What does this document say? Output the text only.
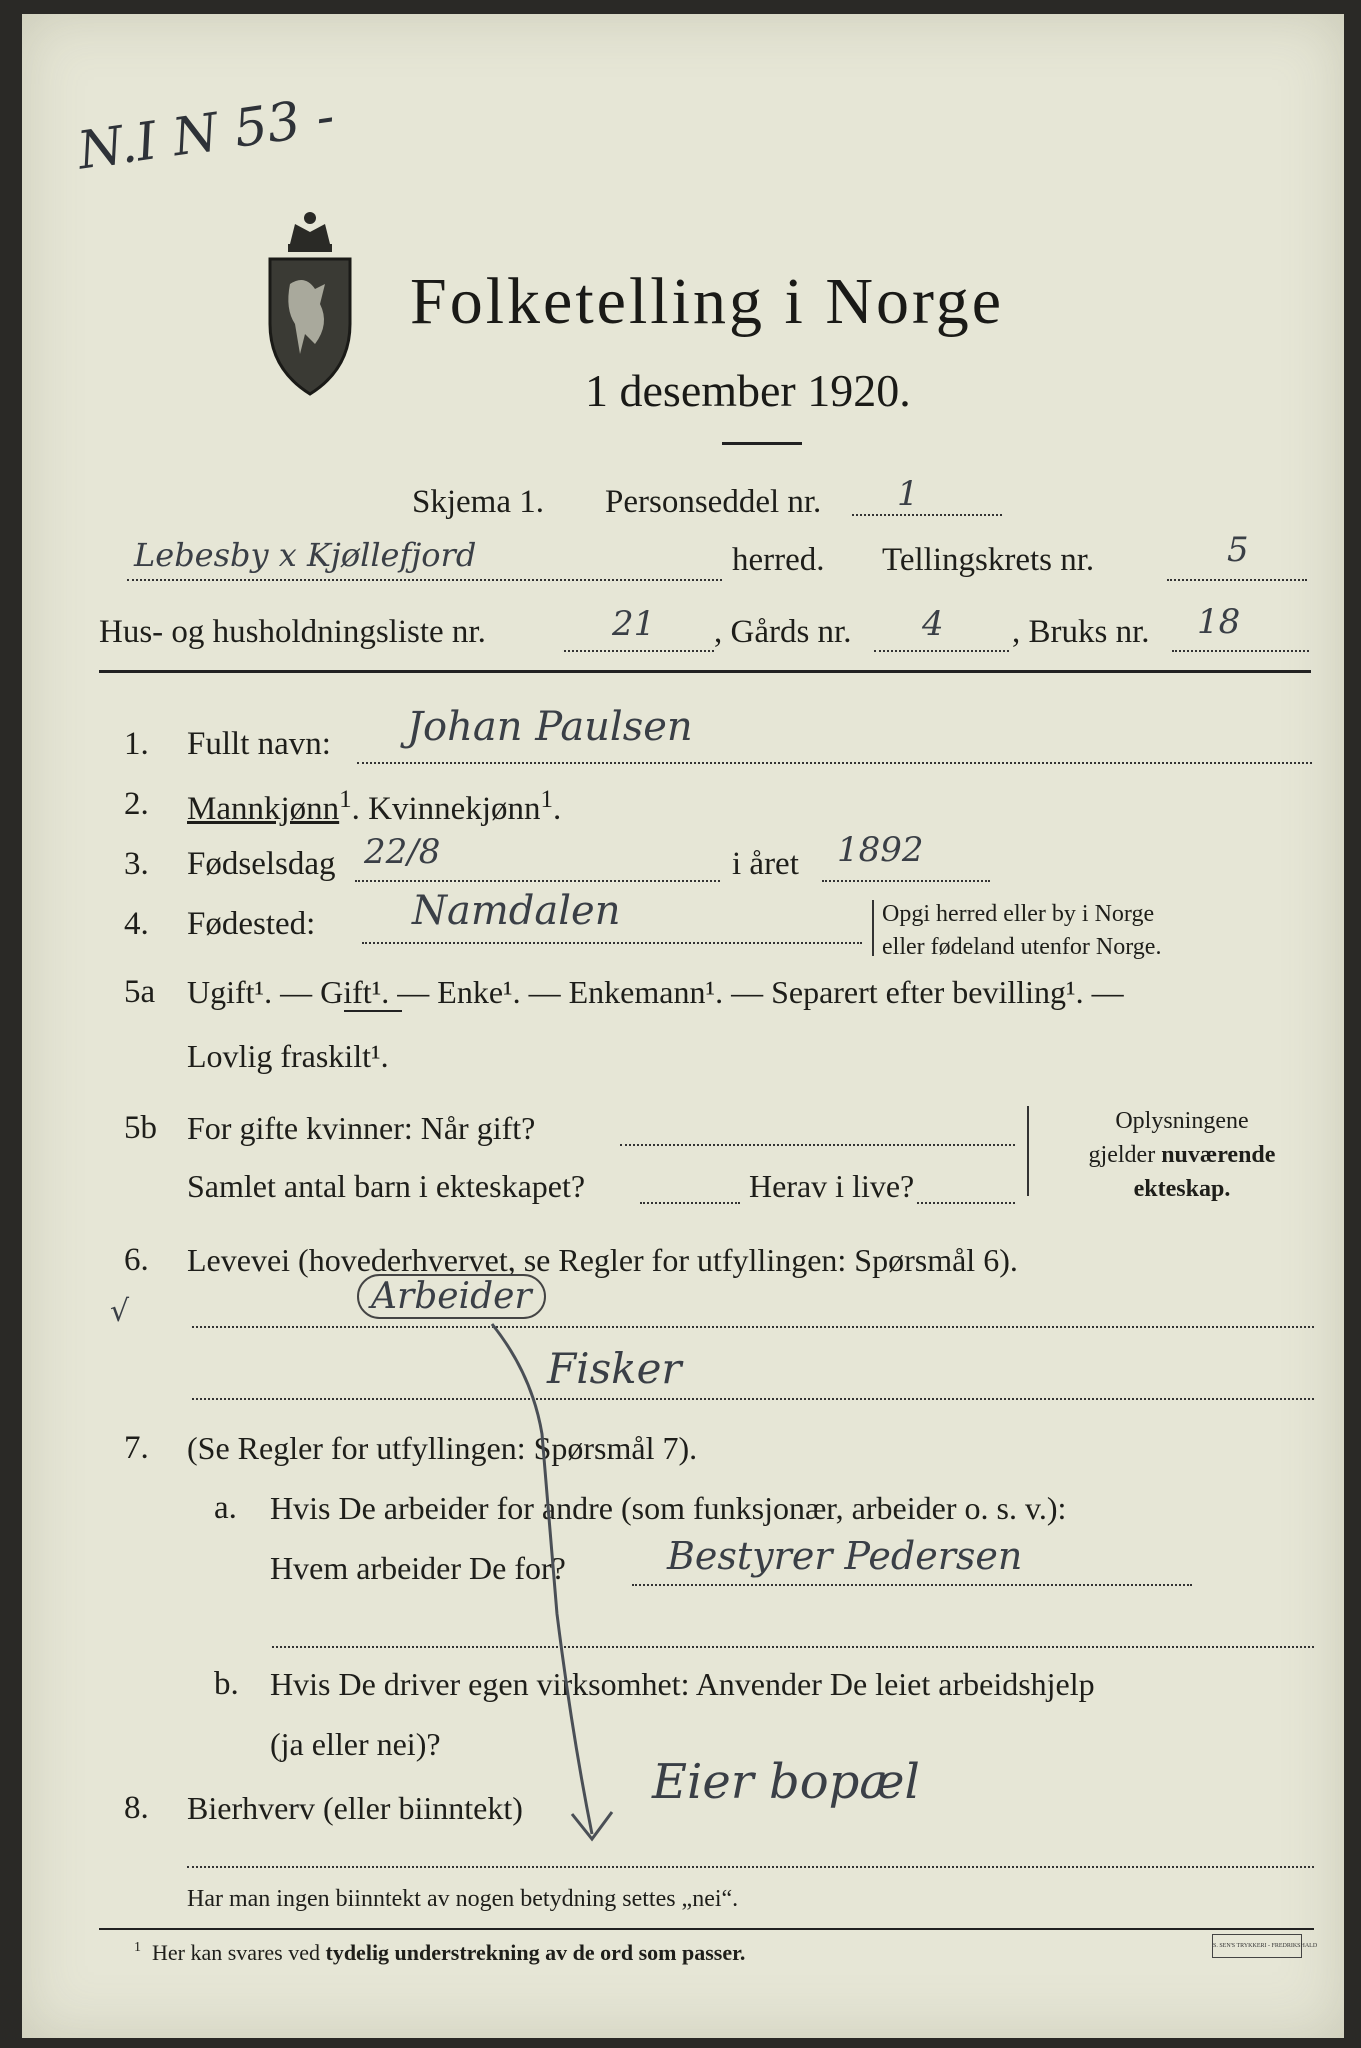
N.I N 53 -
Folketelling i Norge
1 desember 1920.
Skjema 1. Personseddel nr. 1
Lebesby x Kjøllefjord	herred. Tellingskrets nr.	5
Hus- og husholdningsliste nr.	21 , Gårds nr. 4 , Bruks nr. 18
1. Fullt navn: Johan Paulsen
2. Mannkjønn$^1$. Kvinnekjønn$^1$.
3. Fødselsdag 22/8	i året 1892
4. Fødested: Namdalen	Opgi herred eller by i Norge
eller fødeland utenfor Norge.
5a Ugift¹. — Gift¹. — Enke¹. — Enkemann¹. — Separert efter bevilling¹. —
Lovlig fraskilt¹.
5b For gifte kvinner: Når gift?
Samlet antal barn i ekteskapet?	Herav i live?
Oplysningene
gjelder nuværende
ekteskap.
6. Levevei (hovederhvervet, se Regler for utfyllingen: Spørsmål 6).
√	Arbeider
Fisker
7. (Se Regler for utfyllingen: Spørsmål 7).
a. Hvis De arbeider for andre (som funksjonær, arbeider o. s. v.):
Hvem arbeider De for?	Bestyrer Pedersen
b. Hvis De driver egen virksomhet: Anvender De leiet arbeidshjelp
(ja eller nei)?
8. Bierhverv (eller biinntekt)	Eier bopæl
Har man ingen biinntekt av nogen betydning settes „nei“.
$^1$ Her kan svares ved tydelig understrekning av de ord som passer.	S. SEN'S TRYKKERI - FREDRIKSHALD
